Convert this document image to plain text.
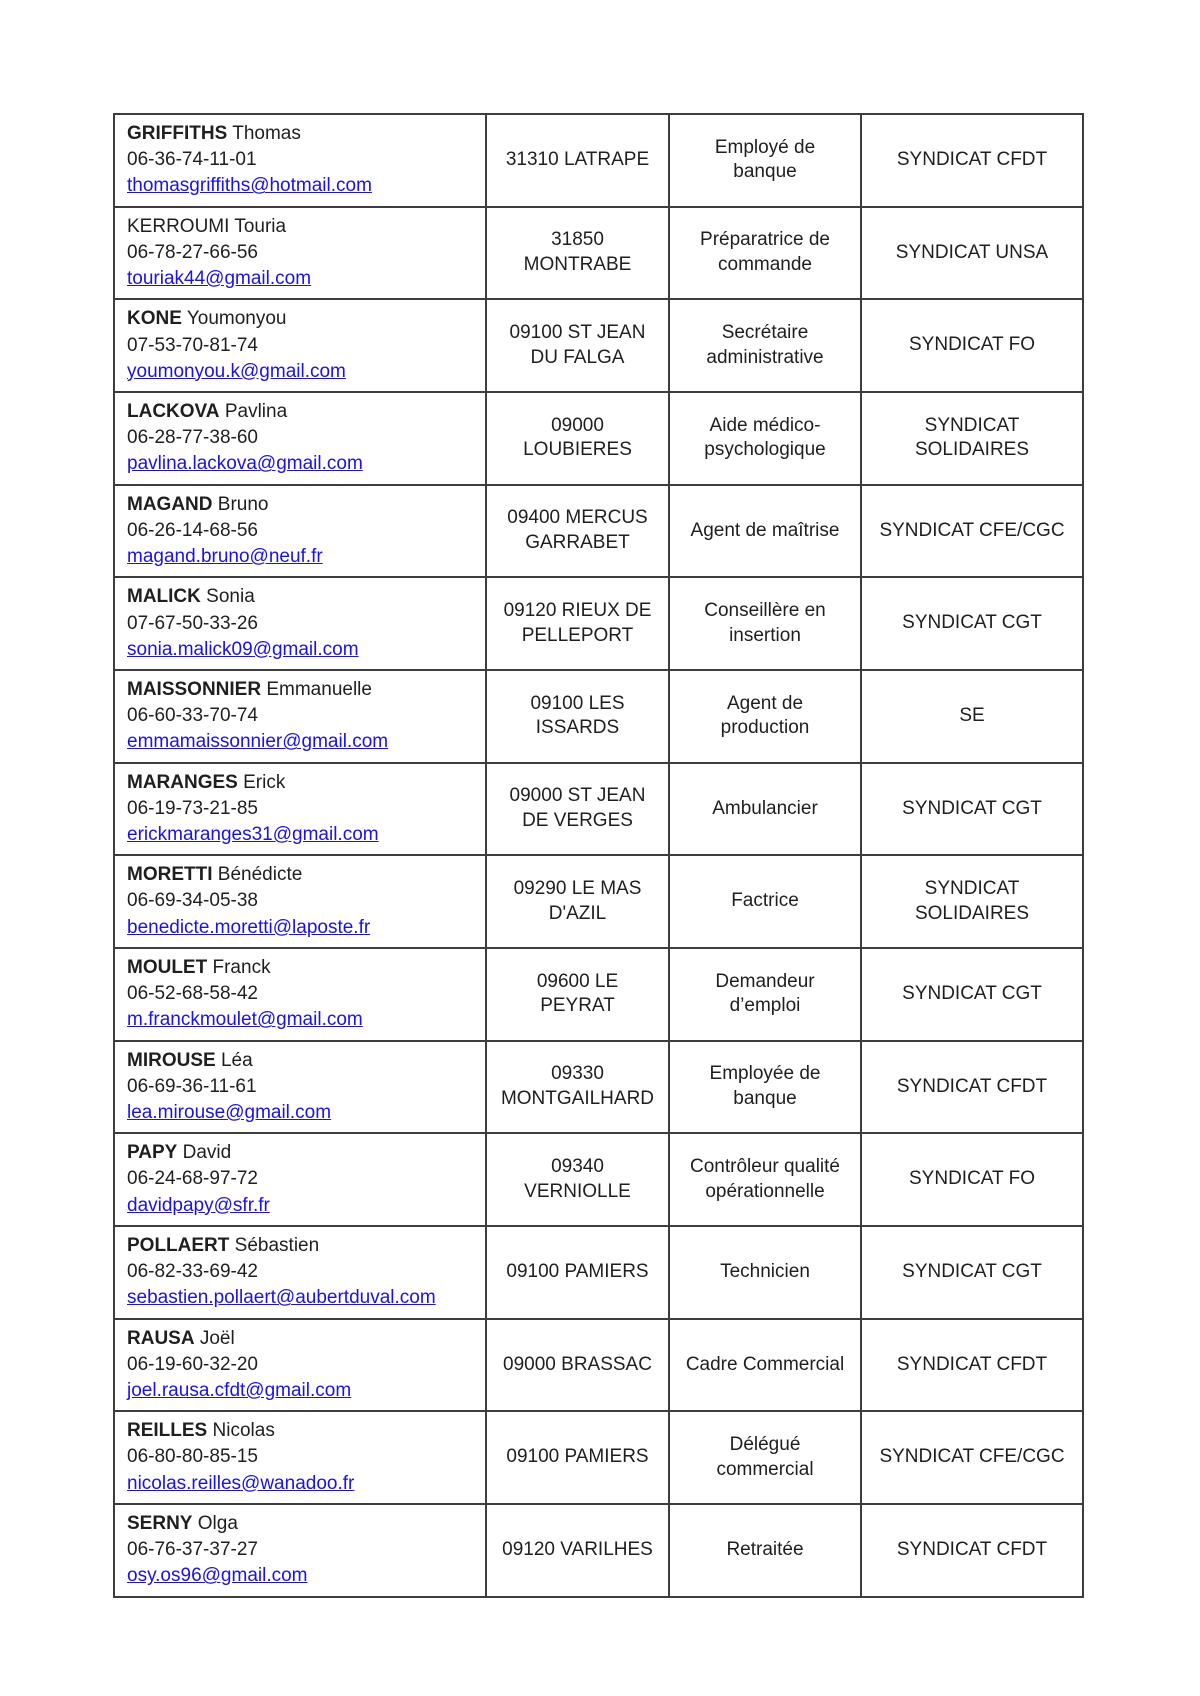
GRIFFITHS Thomas
06-36-74-11-01
thomasgriffiths@hotmail.com	31310 LATRAPE	Employé de banque	SYNDICAT CFDT

KERROUMI Touria
06-78-27-66-56
touriak44@gmail.com	31850 MONTRABE	Préparatrice de commande	SYNDICAT UNSA

KONE Youmonyou
07-53-70-81-74
youmonyou.k@gmail.com	09100 ST JEAN DU FALGA	Secrétaire administrative	SYNDICAT FO

LACKOVA Pavlina
06-28-77-38-60
pavlina.lackova@gmail.com	09000 LOUBIERES	Aide médico-psychologique	SYNDICAT SOLIDAIRES

MAGAND Bruno
06-26-14-68-56
magand.bruno@neuf.fr	09400 MERCUS GARRABET	Agent de maîtrise	SYNDICAT CFE/CGC

MALICK Sonia
07-67-50-33-26
sonia.malick09@gmail.com	09120 RIEUX DE PELLEPORT	Conseillère en insertion	SYNDICAT CGT

MAISSONNIER Emmanuelle
06-60-33-70-74
emmamaissonnier@gmail.com	09100 LES ISSARDS	Agent de production	SE

MARANGES Erick
06-19-73-21-85
erickmaranges31@gmail.com	09000 ST JEAN DE VERGES	Ambulancier	SYNDICAT CGT

MORETTI Bénédicte
06-69-34-05-38
benedicte.moretti@laposte.fr	09290 LE MAS D'AZIL	Factrice	SYNDICAT SOLIDAIRES

MOULET Franck
06-52-68-58-42
m.franckmoulet@gmail.com	09600 LE PEYRAT	Demandeur d’emploi	SYNDICAT CGT

MIROUSE Léa
06-69-36-11-61
lea.mirouse@gmail.com	09330 MONTGAILHARD	Employée de banque	SYNDICAT CFDT

PAPY David
06-24-68-97-72
davidpapy@sfr.fr	09340 VERNIOLLE	Contrôleur qualité opérationnelle	SYNDICAT FO

POLLAERT Sébastien
06-82-33-69-42
sebastien.pollaert@aubertduval.com	09100 PAMIERS	Technicien	SYNDICAT CGT

RAUSA Joël
06-19-60-32-20
joel.rausa.cfdt@gmail.com	09000 BRASSAC	Cadre Commercial	SYNDICAT CFDT

REILLES Nicolas
06-80-80-85-15
nicolas.reilles@wanadoo.fr	09100 PAMIERS	Délégué commercial	SYNDICAT CFE/CGC

SERNY Olga
06-76-37-37-27
osy.os96@gmail.com	09120 VARILHES	Retraitée	SYNDICAT CFDT
